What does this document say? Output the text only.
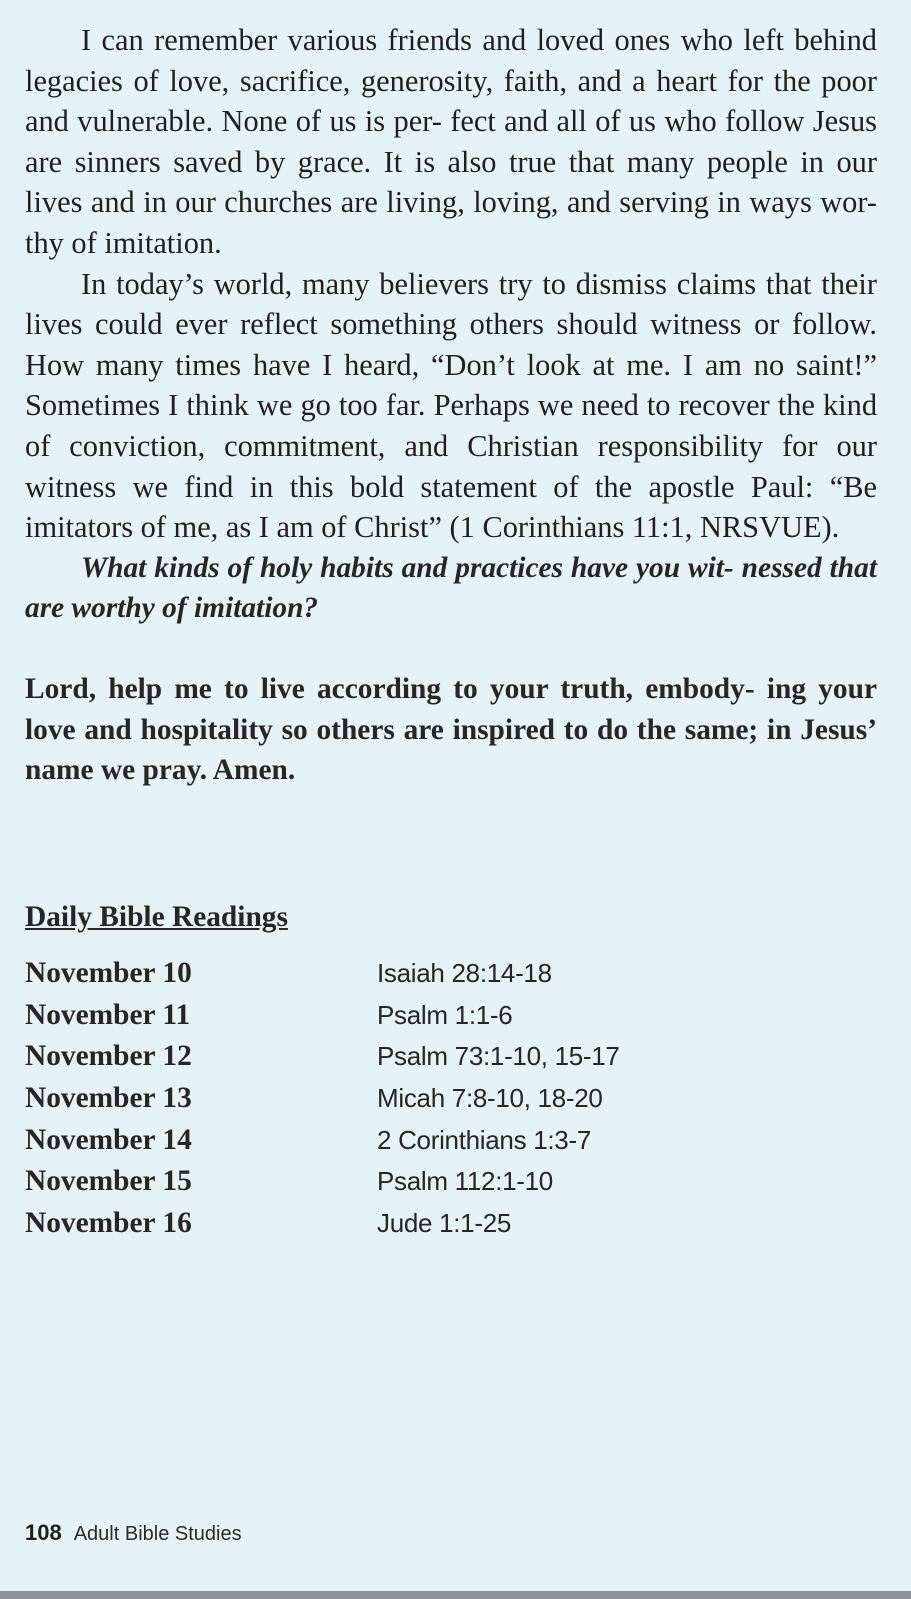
I can remember various friends and loved ones who left behind legacies of love, sacrifice, generosity, faith, and a heart for the poor and vulnerable. None of us is per- fect and all of us who follow Jesus are sinners saved by grace. It is also true that many people in our lives and in our churches are living, loving, and serving in ways wor- thy of imitation.

In today’s world, many believers try to dismiss claims that their lives could ever reflect something others should witness or follow. How many times have I heard, “Don’t look at me. I am no saint!” Sometimes I think we go too far. Perhaps we need to recover the kind of conviction, commitment, and Christian responsibility for our witness we find in this bold statement of the apostle Paul: “Be imitators of me, as I am of Christ” (1 Corinthians 11:1, NRSVUE).

What kinds of holy habits and practices have you wit- nessed that are worthy of imitation?

Lord, help me to live according to your truth, embody- ing your love and hospitality so others are inspired to do the same; in Jesus’ name we pray. Amen.

Daily Bible Readings
November 10	Isaiah 28:14-18
November 11	Psalm 1:1-6
November 12	Psalm 73:1-10, 15-17
November 13	Micah 7:8-10, 18-20
November 14	2 Corinthians 1:3-7
November 15	Psalm 112:1-10
November 16	Jude 1:1-25
108 Adult Bible Studies
